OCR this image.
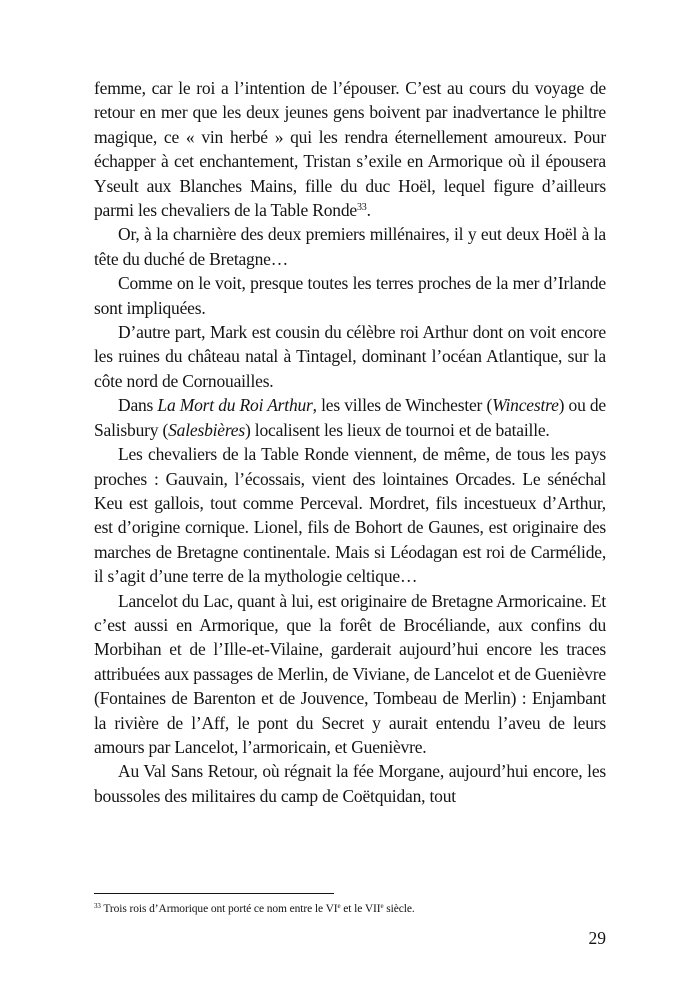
femme, car le roi a l’intention de l’épouser. C’est au cours du voyage de retour en mer que les deux jeunes gens boivent par inadvertance le philtre magique, ce « vin herbé » qui les rendra éternellement amoureux. Pour échapper à cet enchantement, Tristan s’exile en Armorique où il épousera Yseult aux Blanches Mains, fille du duc Hoël, lequel figure d’ailleurs parmi les chevaliers de la Table Ronde$^{33}$.

Or, à la charnière des deux premiers millénaires, il y eut deux Hoël à la tête du duché de Bretagne…

Comme on le voit, presque toutes les terres proches de la mer d’Irlande sont impliquées.

D’autre part, Mark est cousin du célèbre roi Arthur dont on voit encore les ruines du château natal à Tintagel, dominant l’océan Atlantique, sur la côte nord de Cornouailles.

Dans La Mort du Roi Arthur, les villes de Winchester (Wincestre) ou de Salisbury (Salesbières) localisent les lieux de tournoi et de bataille.

Les chevaliers de la Table Ronde viennent, de même, de tous les pays proches : Gauvain, l’écossais, vient des lointaines Orcades. Le sénéchal Keu est gallois, tout comme Perceval. Mordret, fils incestueux d’Arthur, est d’origine cornique. Lionel, fils de Bohort de Gaunes, est originaire des marches de Bretagne continentale. Mais si Léodagan est roi de Carmélide, il s’agit d’une terre de la mythologie celtique…

Lancelot du Lac, quant à lui, est originaire de Bretagne Armoricaine. Et c’est aussi en Armorique, que la forêt de Brocéliande, aux confins du Morbihan et de l’Ille-et-Vilaine, garderait aujourd’hui encore les traces attribuées aux passages de Merlin, de Viviane, de Lancelot et de Guenièvre (Fontaines de Barenton et de Jouvence, Tombeau de Merlin) : Enjambant la rivière de l’Aff, le pont du Secret y aurait entendu l’aveu de leurs amours par Lancelot, l’armoricain, et Guenièvre.

Au Val Sans Retour, où régnait la fée Morgane, aujourd’hui encore, les boussoles des militaires du camp de Coëtquidan, tout

$^{33}$ Trois rois d’Armorique ont porté ce nom entre le VIe et le VIIe siècle.
29
